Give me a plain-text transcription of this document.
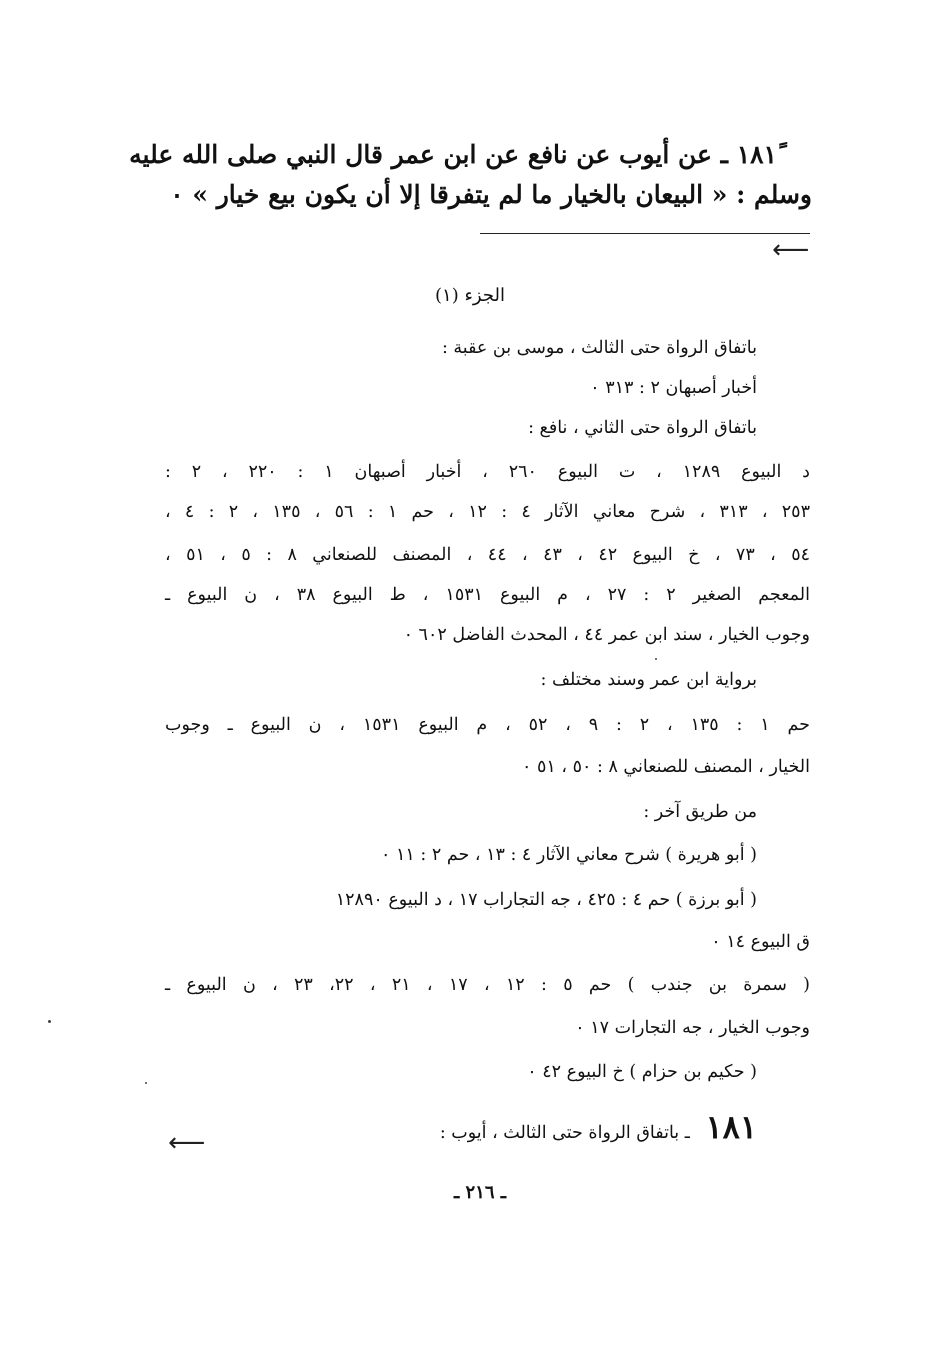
١٨١ً ـ عن أيوب عن نافع عن ابن عمر قال النبي صلى الله عليه
وسلم : « البيعان بالخيار ما لم يتفرقا إلا أن يكون بيع خيار » ٠
⟵
الجزء (١)
باتفاق الرواة حتى الثالث ، موسى بن عقبة :
أخبار أصبهان ٢ : ٣١٣ ٠
باتفاق الرواة حتى الثاني ، نافع :
د البيوع ١٢٨٩ ، ت البيوع ٢٦٠ ، أخبار أصبهان ١ : ٢٢٠ ، ٢ :
٢٥٣ ، ٣١٣ ، شرح معاني الآثار ٤ : ١٢ ، حم ١ : ٥٦ ، ١٣٥ ، ٢ : ٤ ،
٥٤ ، ٧٣ ، خ البيوع ٤٢ ، ٤٣ ، ٤٤ ، المصنف للصنعاني ٨ : ٥ ، ٥١ ،
المعجم الصغير ٢ : ٢٧ ، م البيوع ١٥٣١ ، ط البيوع ٣٨ ، ن البيوع ـ
وجوب الخيار ، سند ابن عمر ٤٤ ، المحدث الفاضل ٦٠٢ ٠
برواية ابن عمر وسند مختلف :
حم ١ : ١٣٥ ، ٢ : ٩ ، ٥٢ ، م البيوع ١٥٣١ ، ن البيوع ـ وجوب
الخيار ، المصنف للصنعاني ٨ : ٥٠ ، ٥١ ٠
من طريق آخر :
( أبو هريرة ) شرح معاني الآثار ٤ : ١٣ ، حم ٢ : ١١ ٠
( أبو برزة ) حم ٤ : ٤٢٥ ، جه التجاراب ١٧ ، د البيوع ١٢٨٩٠
ق البيوع ١٤ ٠
( سمرة بن جندب ) حم ٥ : ١٢ ، ١٧ ، ٢١ ، ٢٢، ٢٣ ، ن البيوع ـ
وجوب الخيار ، جه التجارات ١٧ ٠
( حكيم بن حزام ) خ البيوع ٤٢ ٠
١٨١ ـ باتفاق الرواة حتى الثالث ، أيوب :
⟵
ـ ٢١٦ ـ
